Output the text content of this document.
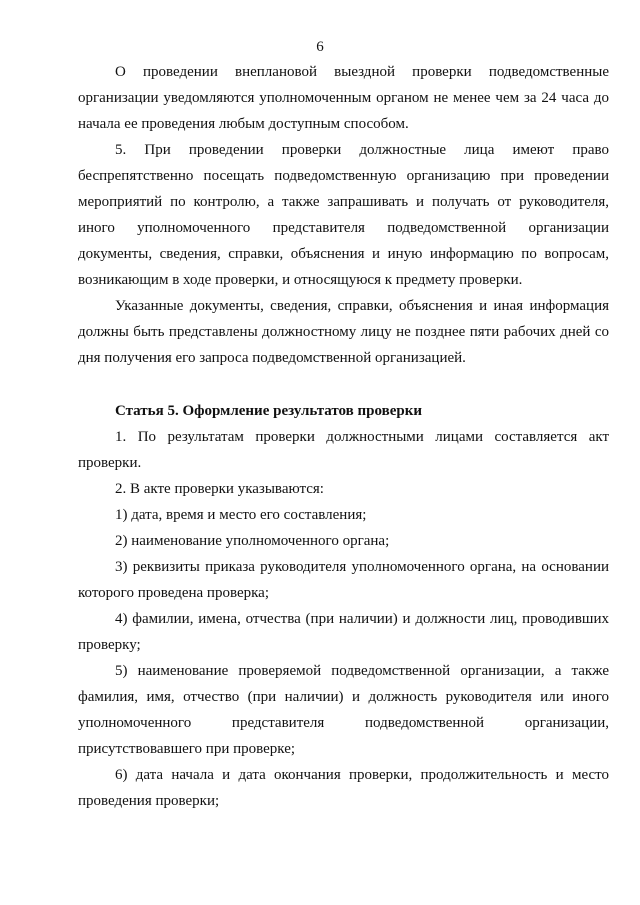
6

О проведении внеплановой выездной проверки подведомственные организации уведомляются уполномоченным органом не менее чем за 24 часа до начала ее проведения любым доступным способом.

5. При проведении проверки должностные лица имеют право беспрепятственно посещать подведомственную организацию при проведении мероприятий по контролю, а также запрашивать и получать от руководителя, иного уполномоченного представителя подведомственной организации документы, сведения, справки, объяснения и иную информацию по вопросам, возникающим в ходе проверки, и относящуюся к предмету проверки.

Указанные документы, сведения, справки, объяснения и иная информация должны быть представлены должностному лицу не позднее пяти рабочих дней со дня получения его запроса подведомственной организацией.

Статья 5. Оформление результатов проверки

1. По результатам проверки должностными лицами составляется акт проверки.

2. В акте проверки указываются:

1) дата, время и место его составления;

2) наименование уполномоченного органа;

3) реквизиты приказа руководителя уполномоченного органа, на основании которого проведена проверка;

4) фамилии, имена, отчества (при наличии) и должности лиц, проводивших проверку;

5) наименование проверяемой подведомственной организации, а также фамилия, имя, отчество (при наличии) и должность руководителя или иного уполномоченного представителя подведомственной организации, присутствовавшего при проверке;

6) дата начала и дата окончания проверки, продолжительность и место проведения проверки;
